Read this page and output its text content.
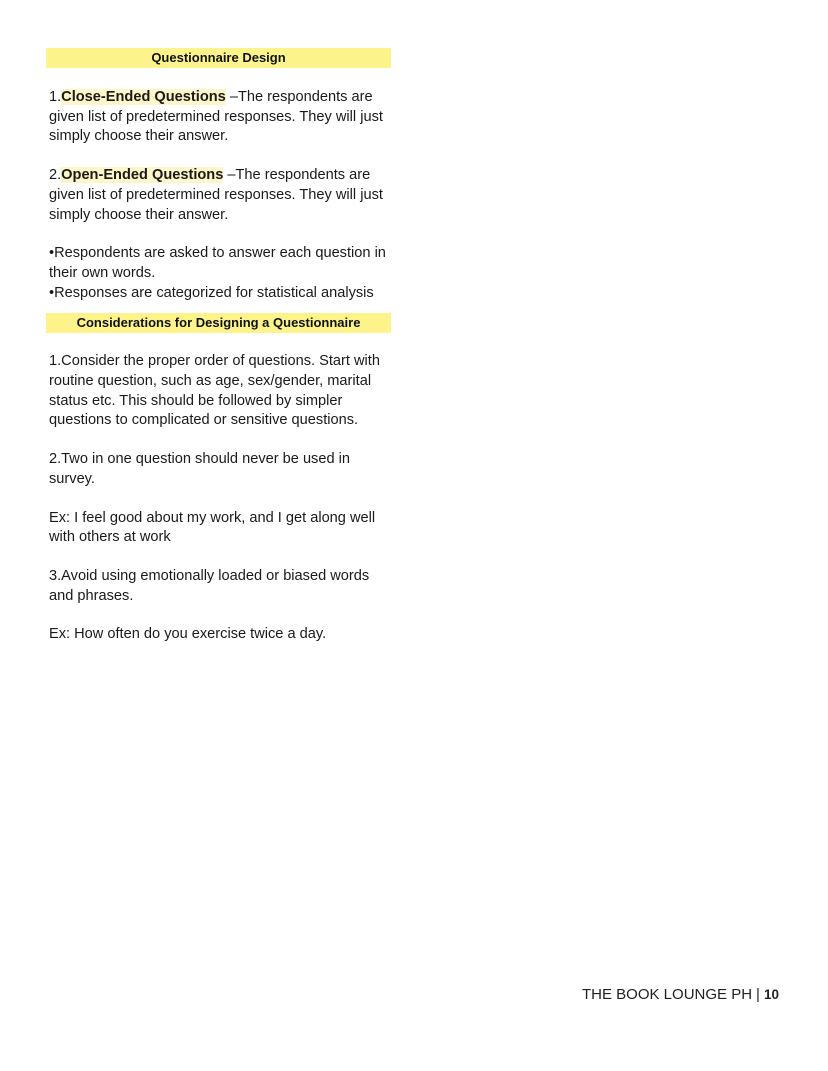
Questionnaire Design

1.Close-Ended Questions –The respondents are given list of predetermined responses. They will just simply choose their answer.

2.Open-Ended Questions –The respondents are given list of predetermined responses. They will just simply choose their answer.

•Respondents are asked to answer each question in their own words.

•Responses are categorized for statistical analysis

Considerations for Designing a Questionnaire

1.Consider the proper order of questions. Start with routine question, such as age, sex/gender, marital status etc. This should be followed by simpler questions to complicated or sensitive questions.

2.Two in one question should never be used in survey.

Ex: I feel good about my work, and I get along well with others at work

3.Avoid using emotionally loaded or biased words and phrases.

Ex: How often do you exercise twice a day.

THE BOOK LOUNGE PH | 10
